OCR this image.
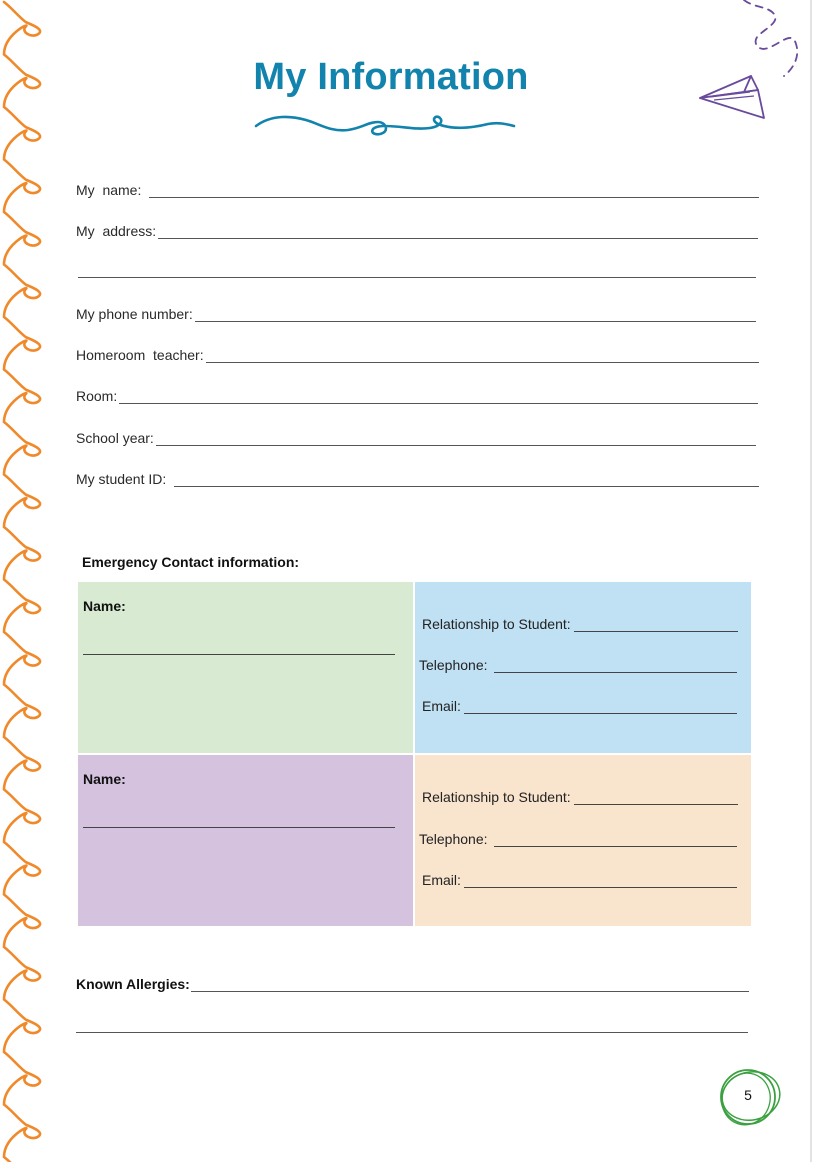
My Information
My  name:
My  address:
My phone number:
Homeroom  teacher:
Room:
School year:
My student ID:
Emergency Contact information:
Name:
Relationship to Student:
Telephone:
Email:
Name:
Relationship to Student:
Telephone:
Email:
Known Allergies:
5
